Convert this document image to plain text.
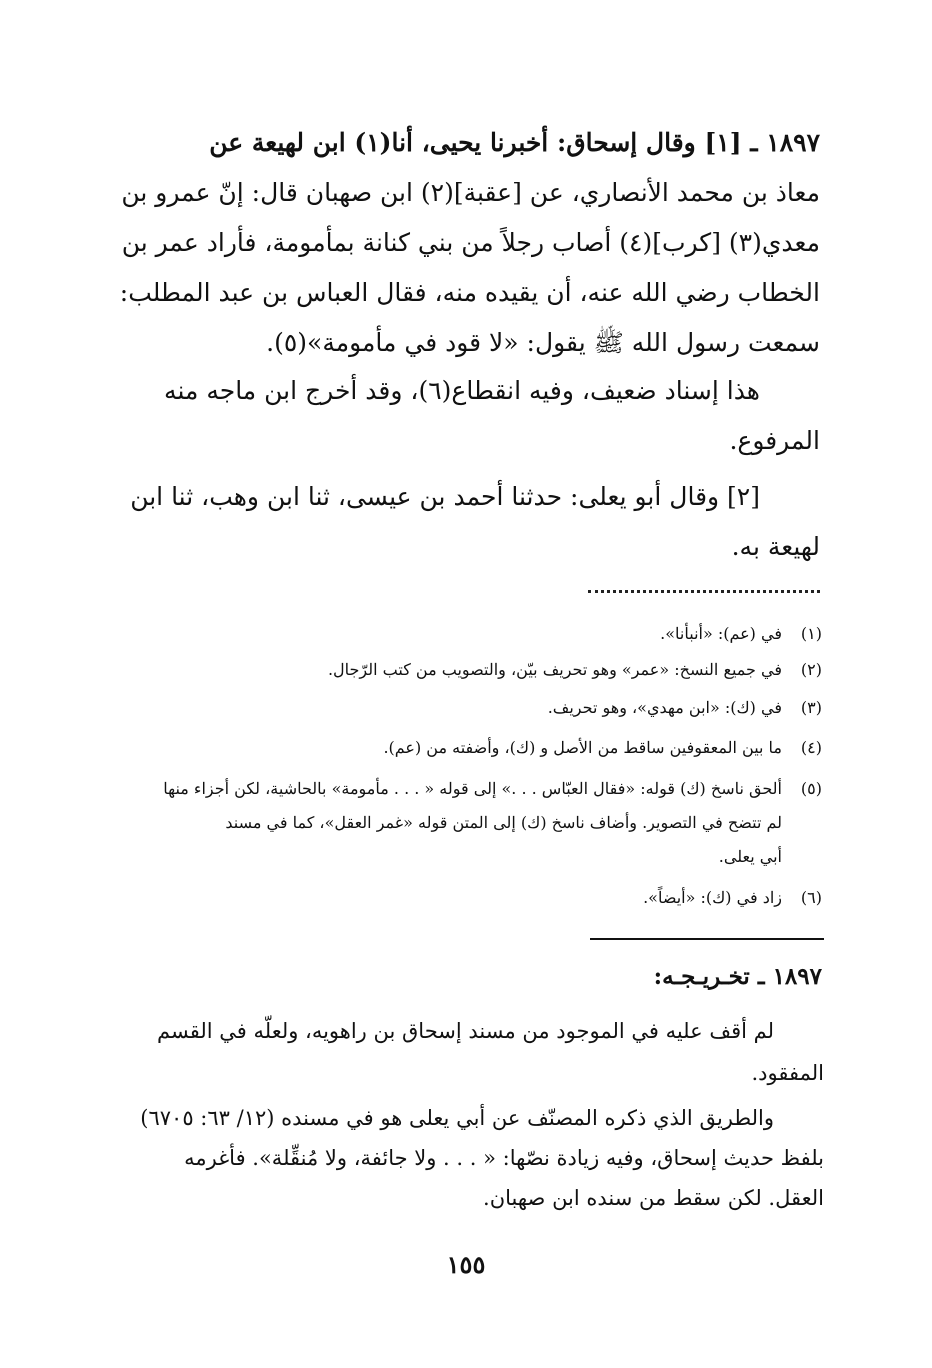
١٨٩٧ ـ [١] وقال إسحاق: أخبرنا يحيى، أنا(١) ابن لهيعة عن
معاذ بن محمد الأنصاري، عن [عقبة](٢) ابن صهبان قال: إنّ عمرو بن
معدي(٣) [كرب](٤) أصاب رجلاً من بني كنانة بمأمومة، فأراد عمر بن
الخطاب رضي الله عنه، أن يقيده منه، فقال العباس بن عبد المطلب:
سمعت رسول الله ﷺ يقول: «لا قود في مأمومة»(٥).
هذا إسناد ضعيف، وفيه انقطاع(٦)، وقد أخرج ابن ماجه منه
المرفوع.
[٢] وقال أبو يعلى: حدثنا أحمد بن عيسى، ثنا ابن وهب، ثنا ابن
لهيعة به.
(١)في (عم): «أنبأنا».
(٢)في جميع النسخ: «عمر» وهو تحريف بيّن، والتصويب من كتب الرّجال.
(٣)في (ك): «ابن مهدي»، وهو تحريف.
(٤)ما بين المعقوفين ساقط من الأصل و (ك)، وأضفته من (عم).
(٥)ألحق ناسخ (ك) قوله: «فقال العبّاس . . .» إلى قوله « . . . مأمومة» بالحاشية، لكن أجزاء منها
لم تتضح في التصوير. وأضاف ناسخ (ك) إلى المتن قوله «غمر العقل»، كما في مسند
أبي يعلى.
(٦)زاد في (ك): «أيضاً».
١٨٩٧ ـ تخـريـجـه:
لم أقف عليه في الموجود من مسند إسحاق بن راهويه، ولعلّه في القسم
المفقود.
والطريق الذي ذكره المصنّف عن أبي يعلى هو في مسنده (١٢/ ٦٣: ٦٧٠٥)
بلفظ حديث إسحاق، وفيه زيادة نصّها: « . . . ولا جائفة، ولا مُنقِّلة». فأغرمه
العقل. لكن سقط من سنده ابن صهبان.
١٥٥
